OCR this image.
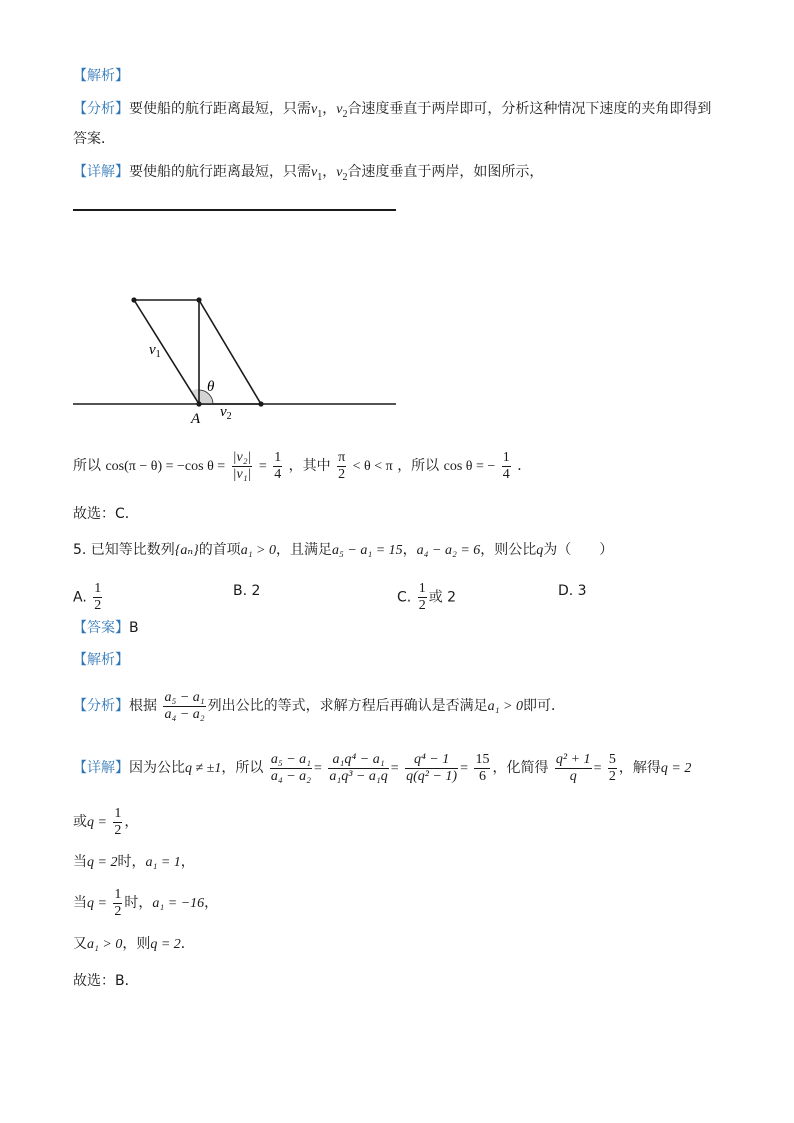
【解析】
【分析】要使船的航行距离最短，只需$v_1$，$v_2$合速度垂直于两岸即可，分析这种情况下速度的夹角即得到
答案．
【详解】要使船的航行距离最短，只需$v_1$，$v_2$合速度垂直于两岸，如图所示，
$v_1$
θ
A $v_2$
所以 cos(π − θ) = −cos $\theta = \frac{\text{|v₂|}}{\text{|v₁|}} = \frac{1}{4}$ ，其中 $\frac{\pi}{2} < \theta < \pi$ ，所以 cos θ = − $\frac{1}{4}$ ．
故选：C．
5. 已知等比数列{aₙ}的首项a₁ > 0，且满足a₅ − a₁ = 15，a₄ − a₂ = 6，则公比q为（　　）
A. $\frac{1}{2}$	B. 2	C. $\frac{1}{2}$ 或 2	D. 3
【答案】B
【解析】
【分析】根据 $\frac{\text{a₅ − a₁}}{\text{a₄ − a₂}}$ 列出公比的等式，求解方程后再确认是否满足a₁ > 0即可．
【详解】因为公比q ≠ ±1，所以 $\frac{\text{a₅ − a₁}}{\text{a₄ − a₂}} = \frac{\text{a₁q⁴ − a₁}}{\text{a₁q³ − a₁q}} = \frac{\text{q⁴ − 1}}{\text{q(q² − 1)}} = \frac{15}{6}$ ，化简得 $\frac{\text{q² + 1}}{q} = \frac{5}{2}$ ，解得q = 2
或$q = \frac{1}{2}$ ，
当q = 2时，a₁ = 1，
当$q = \frac{1}{2}$ 时，a₁ = −16，
又a₁ > 0，则q = 2．
故选：B．
